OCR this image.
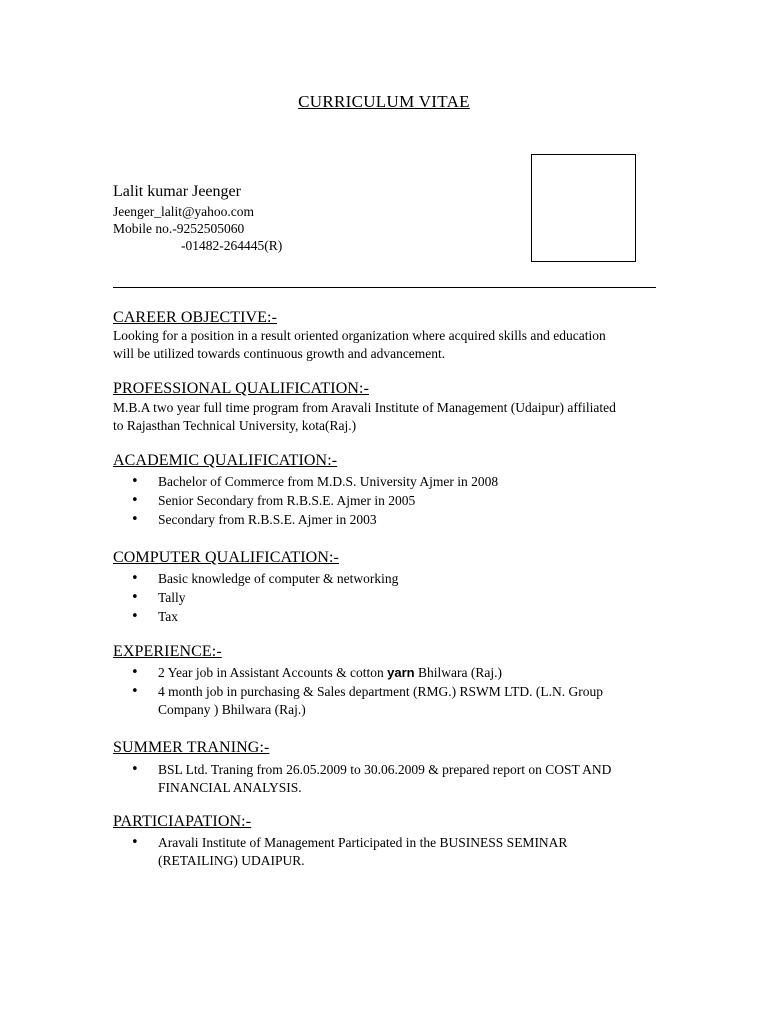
CURRICULUM VITAE
Lalit kumar Jeenger
Jeenger_lalit@yahoo.com
Mobile no.-9252505060
-01482-264445(R)
CAREER OBJECTIVE:-
Looking for a position in a result oriented organization where acquired skills and education
will be utilized towards continuous growth and advancement.
PROFESSIONAL QUALIFICATION:-
M.B.A two year full time program from Aravali Institute of Management (Udaipur) affiliated
to Rajasthan Technical University, kota(Raj.)
ACADEMIC QUALIFICATION:-
• Bachelor of Commerce from M.D.S. University Ajmer in 2008
• Senior Secondary from R.B.S.E. Ajmer in 2005
• Secondary from R.B.S.E. Ajmer in 2003
COMPUTER QUALIFICATION:-
• Basic knowledge of computer & networking
• Tally
• Tax
EXPERIENCE:-
• 2 Year job in Assistant Accounts & cotton yarn Bhilwara (Raj.)
• 4 month job in purchasing & Sales department (RMG.) RSWM LTD. (L.N. Group
Company ) Bhilwara (Raj.)
SUMMER TRANING:-
• BSL Ltd. Traning from 26.05.2009 to 30.06.2009 & prepared report on COST AND
FINANCIAL ANALYSIS.
PARTICIAPATION:-
• Aravali Institute of Management Participated in the BUSINESS SEMINAR
(RETAILING) UDAIPUR.
